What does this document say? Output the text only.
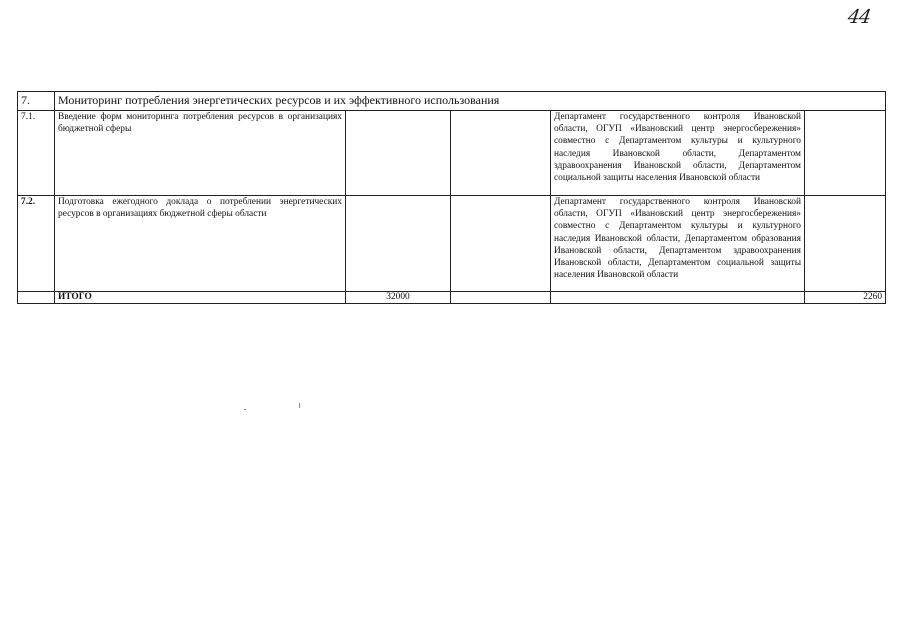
44
7.	Мониторинг потребления энергетических ресурсов и их эффективного использования				
7.1.	Введение форм мониторинга потребления ресурсов в организациях бюджетной сферы			Департамент государственного контроля Ивановской области, ОГУП «Ивановский центр энергосбережения» совместно с Департаментом культуры и культурного наследия Ивановской области, Департаментом здравоохранения Ивановской области, Департаментом социальной защиты населения Ивановской области	
7.2.	Подготовка ежегодного доклада о потреблении энергетических ресурсов в организациях бюджетной сферы области			Департамент государственного контроля Ивановской области, ОГУП «Ивановский центр энергосбережения» совместно с Департаментом культуры и культурного наследия Ивановской области, Департаментом образования Ивановской области, Департаментом здравоохранения Ивановской области, Департаментом социальной защиты населения Ивановской области	
	ИТОГО	32000			2260
